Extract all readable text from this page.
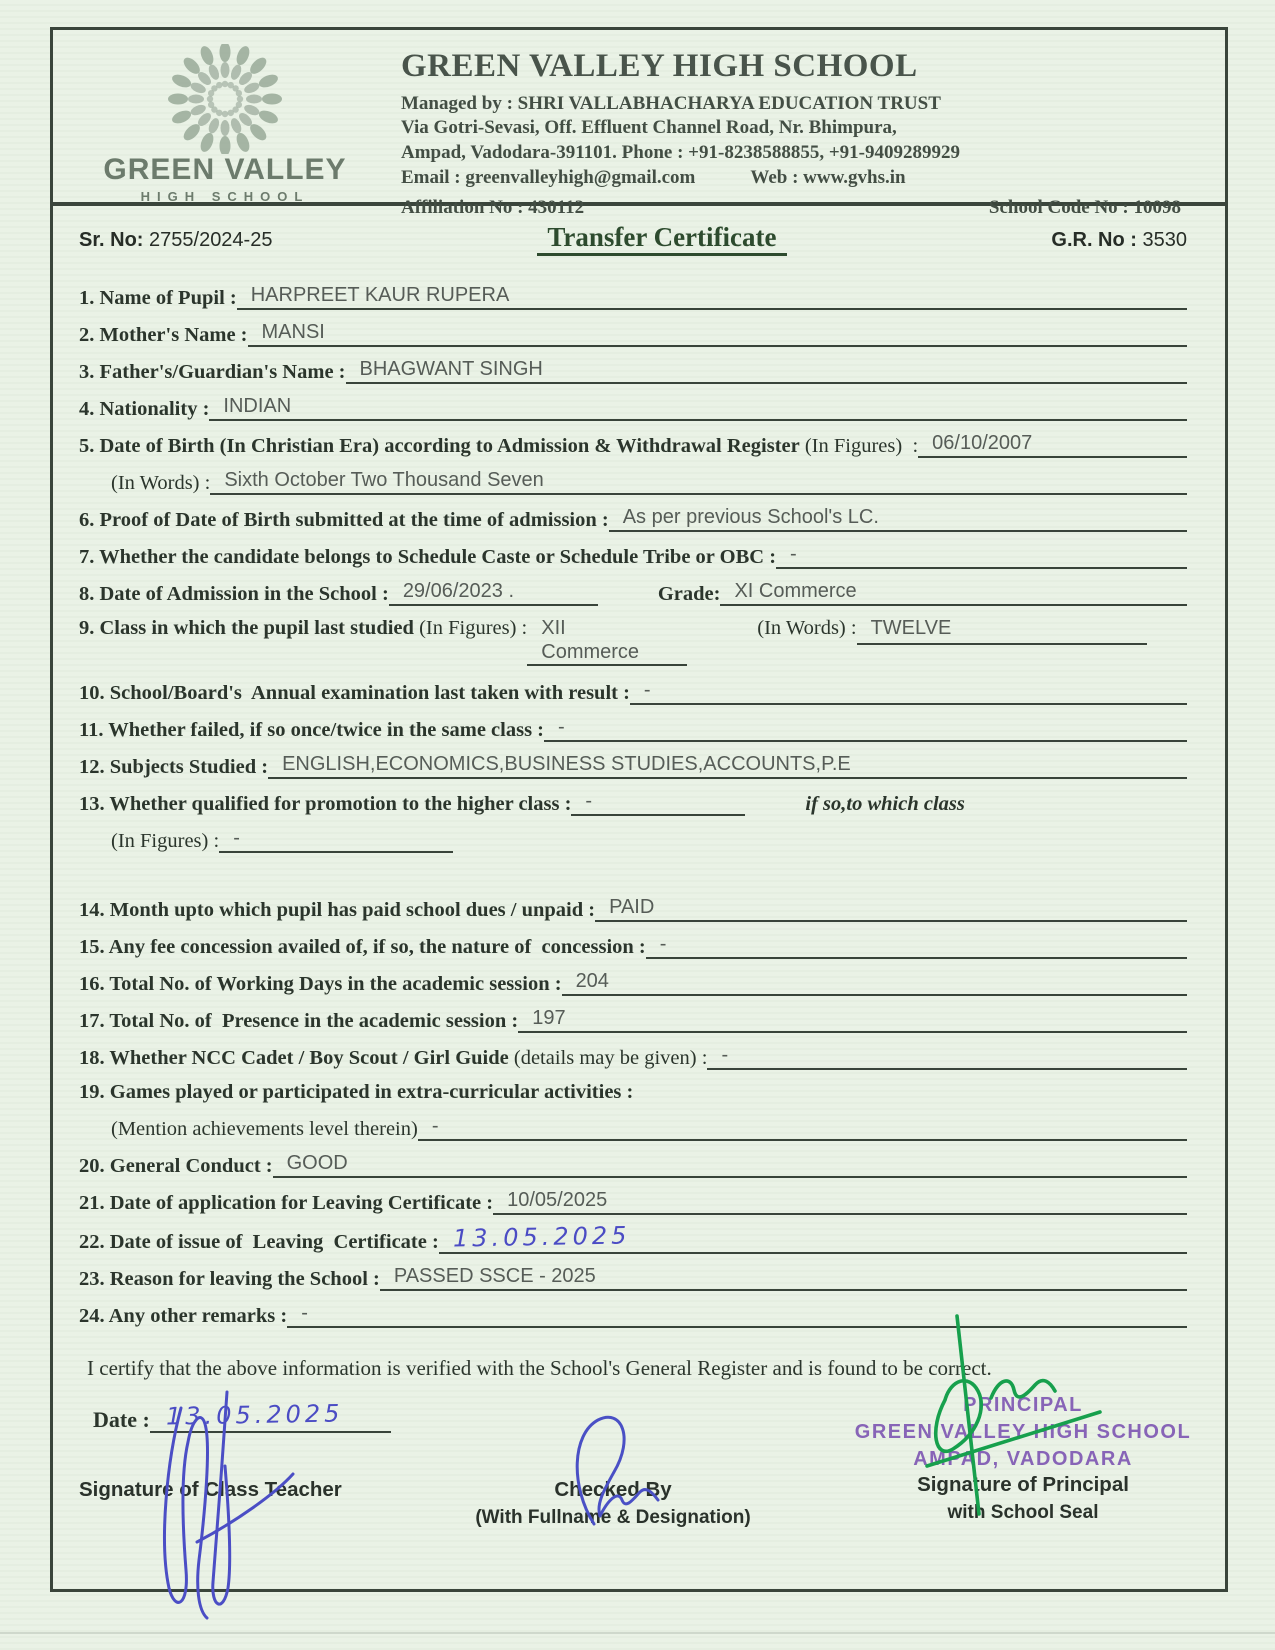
GREEN VALLEY
HIGH SCHOOL
GREEN VALLEY HIGH SCHOOL
Managed by : SHRI VALLABHACHARYA EDUCATION TRUST
Via Gotri-Sevasi, Off. Effluent Channel Road, Nr. Bhimpura,
Ampad, Vadodara-391101. Phone : +91-8238588855, +91-9409289929
Email : greenvalleyhigh@gmail.com	Web : www.gvhs.in
Affiliation No : 430112	School Code No : 10098
Sr. No: 2755/2024-25	Transfer Certificate	G.R. No : 3530
1. Name of Pupil : HARPREET KAUR RUPERA
2. Mother's Name : MANSI
3. Father's/Guardian's Name : BHAGWANT SINGH
4. Nationality : INDIAN
5. Date of Birth (In Christian Era) according to Admission & Withdrawal Register (In Figures)  : 06/10/2007
(In Words) : Sixth October Two Thousand Seven
6. Proof of Date of Birth submitted at the time of admission : As per previous School's LC.
7. Whether the candidate belongs to Schedule Caste or Schedule Tribe or OBC : -
8. Date of Admission in the School : 29/06/2023 .	Grade: XI Commerce
9. Class in which the pupil last studied (In Figures) : XII
Commerce
(In Words) : TWELVE
10. School/Board's  Annual examination last taken with result : -
11. Whether failed, if so once/twice in the same class : -
12. Subjects Studied : ENGLISH,ECONOMICS,BUSINESS STUDIES,ACCOUNTS,P.E
13. Whether qualified for promotion to the higher class : -	if so,to which class
(In Figures) : -
14. Month upto which pupil has paid school dues / unpaid : PAID
15. Any fee concession availed of, if so, the nature of  concession : -
16. Total No. of Working Days in the academic session : 204
17. Total No. of  Presence in the academic session : 197
18. Whether NCC Cadet / Boy Scout / Girl Guide (details may be given) : -
19. Games played or participated in extra-curricular activities :
(Mention achievements level therein) -
20. General Conduct : GOOD
21. Date of application for Leaving Certificate : 10/05/2025
22. Date of issue of  Leaving  Certificate : 13.05.2025
23. Reason for leaving the School : PASSED SSCE - 2025
24. Any other remarks : -
I certify that the above information is verified with the School's General Register and is found to be correct.
Date : 13.05.2025
Signature of Class Teacher	Checked By
(With Fullname & Designation)
PRINCIPAL
GREEN VALLEY HIGH SCHOOL
AMPAD, VADODARA
Signature of Principal
with School Seal
